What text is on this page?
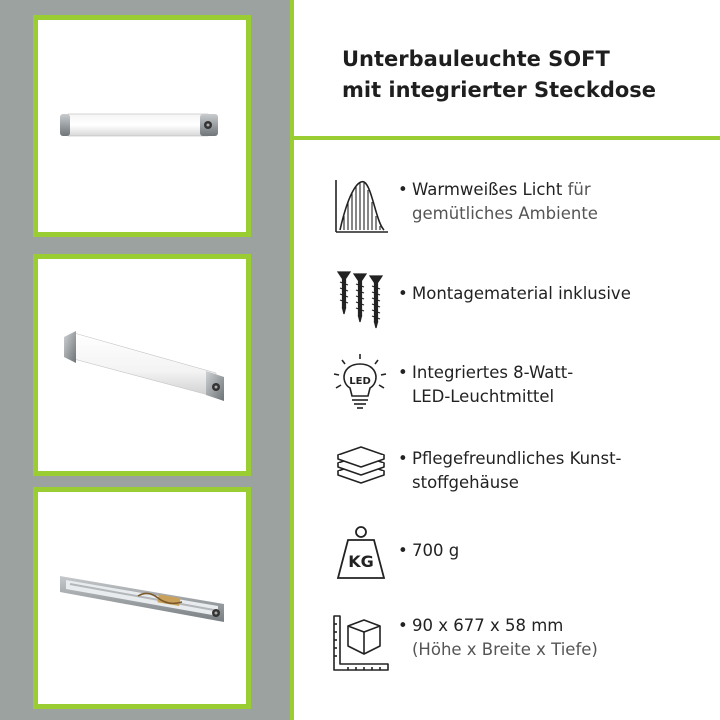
Unterbauleuchte SOFT
mit integrierter Steckdose
• Warmweißes Licht für
gemütliches Ambiente
• Montagematerial inklusive
LED • Integriertes 8-Watt-
LED-Leuchtmittel
• Pflegefreundliches Kunst-
stoffgehäuse
KG
• 700 g
• 90 x 677 x 58 mm
(Höhe x Breite x Tiefe)
